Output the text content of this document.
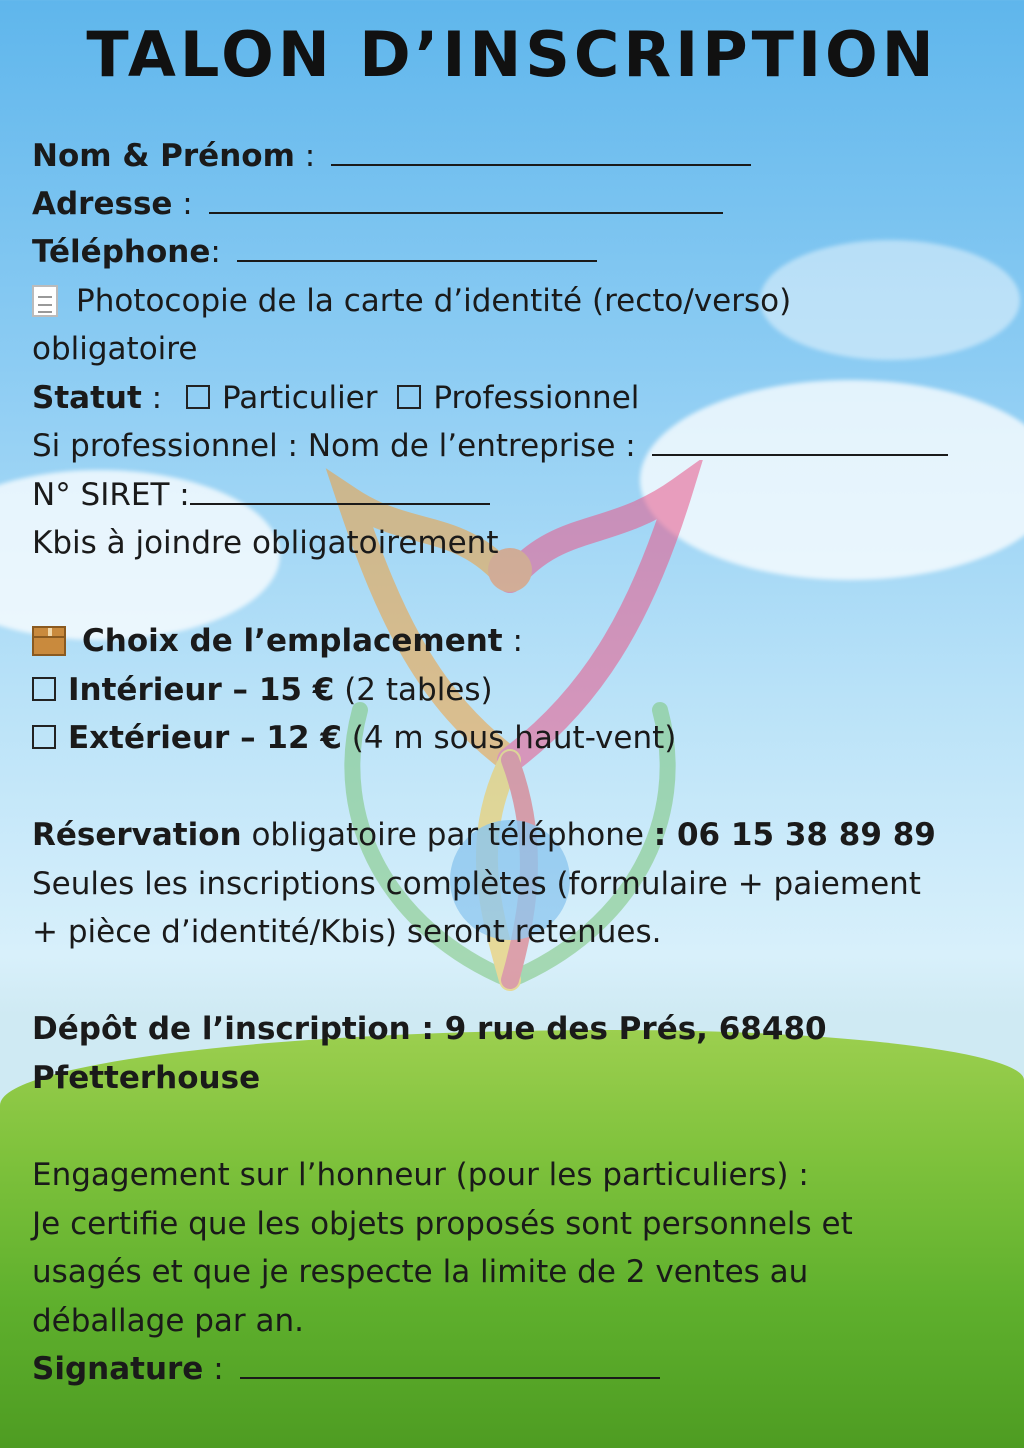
TALON D’INSCRIPTION
Nom & Prénom :
Adresse :
Téléphone:
Photocopie de la carte d’identité (recto/verso)
obligatoire
Statut : Particulier Professionnel
Si professionnel : Nom de l’entreprise :
N° SIRET :
Kbis à joindre obligatoirement
Choix de l’emplacement :
Intérieur – 15 € (2 tables)
Extérieur – 12 € (4 m sous haut-vent)
Réservation obligatoire par téléphone : 06 15 38 89 89
Seules les inscriptions complètes (formulaire + paiement
+ pièce d’identité/Kbis) seront retenues.
Dépôt de l’inscription : 9 rue des Prés, 68480
Pfetterhouse
Engagement sur l’honneur (pour les particuliers) :
Je certifie que les objets proposés sont personnels et
usagés et que je respecte la limite de 2 ventes au
déballage par an.
Signature :
